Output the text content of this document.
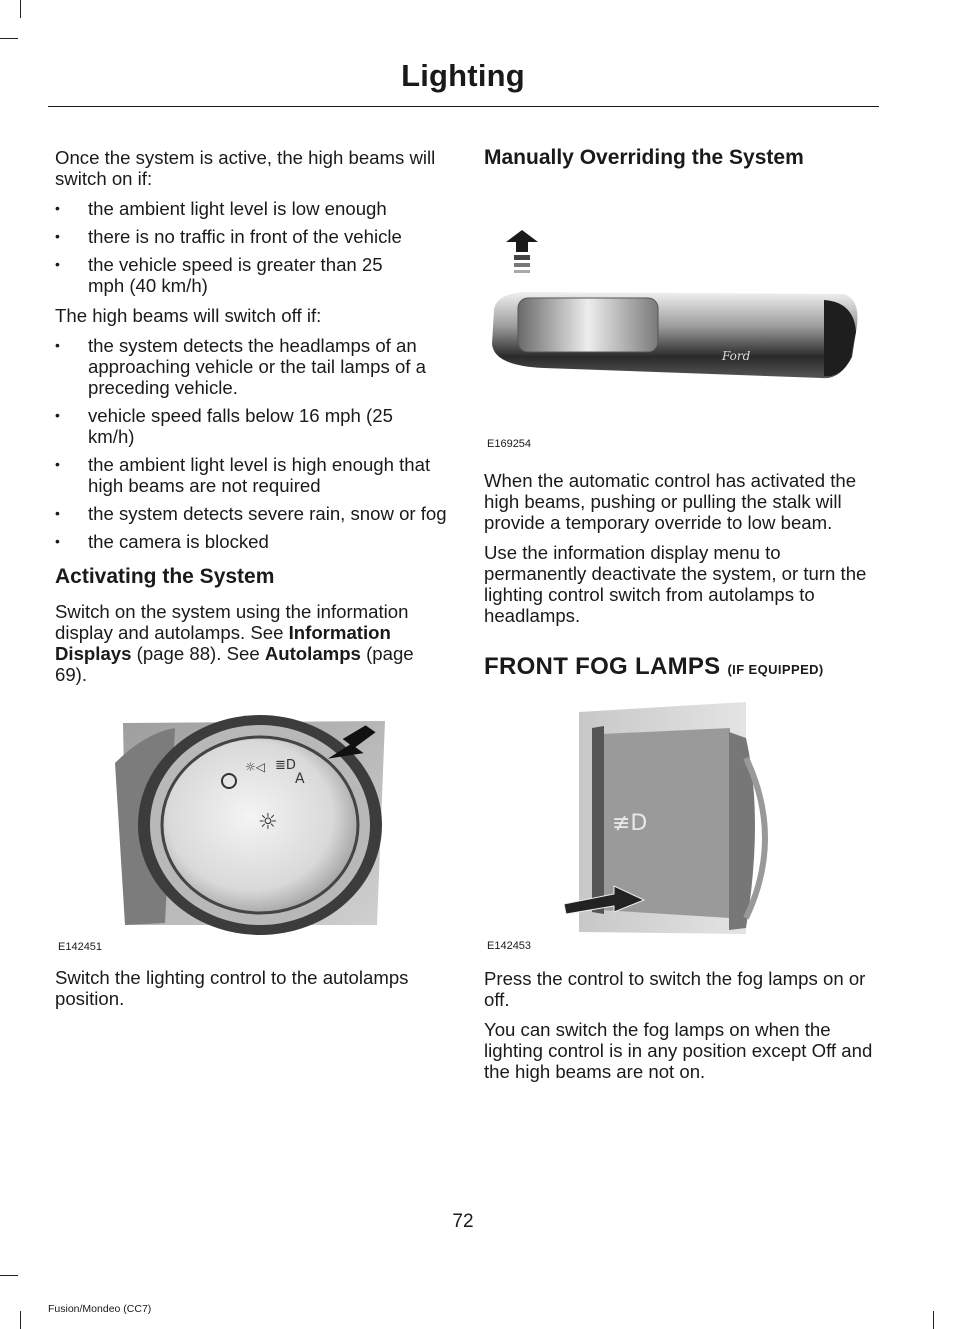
Lighting

Once the system is active, the high beams will switch on if:

• the ambient light level is low enough
• there is no traffic in front of the vehicle
• the vehicle speed is greater than 25 mph (40 km/h)

The high beams will switch off if:

• the system detects the headlamps of an approaching vehicle or the tail lamps of a preceding vehicle.
• vehicle speed falls below 16 mph (25 km/h)
• the ambient light level is high enough that high beams are not required
• the system detects severe rain, snow or fog
• the camera is blocked
Activating the System

Switch on the system using the information display and autolamps. See Information Displays (page 88). See Autolamps (page 69).

☼◁ ≣D
A
☼
E142451

Switch the lighting control to the autolamps position.

Manually Overriding the System
Ford
E169254

When the automatic control has activated the high beams, pushing or pulling the stalk will provide a temporary override to low beam.

Use the information display menu to permanently deactivate the system, or turn the lighting control switch from autolamps to headlamps.

FRONT FOG LAMPS (IF EQUIPPED)
≢D
E142453

Press the control to switch the fog lamps on or off.

You can switch the fog lamps on when the lighting control is in any position except Off and the high beams are not on.

72
Fusion/Mondeo (CC7)
